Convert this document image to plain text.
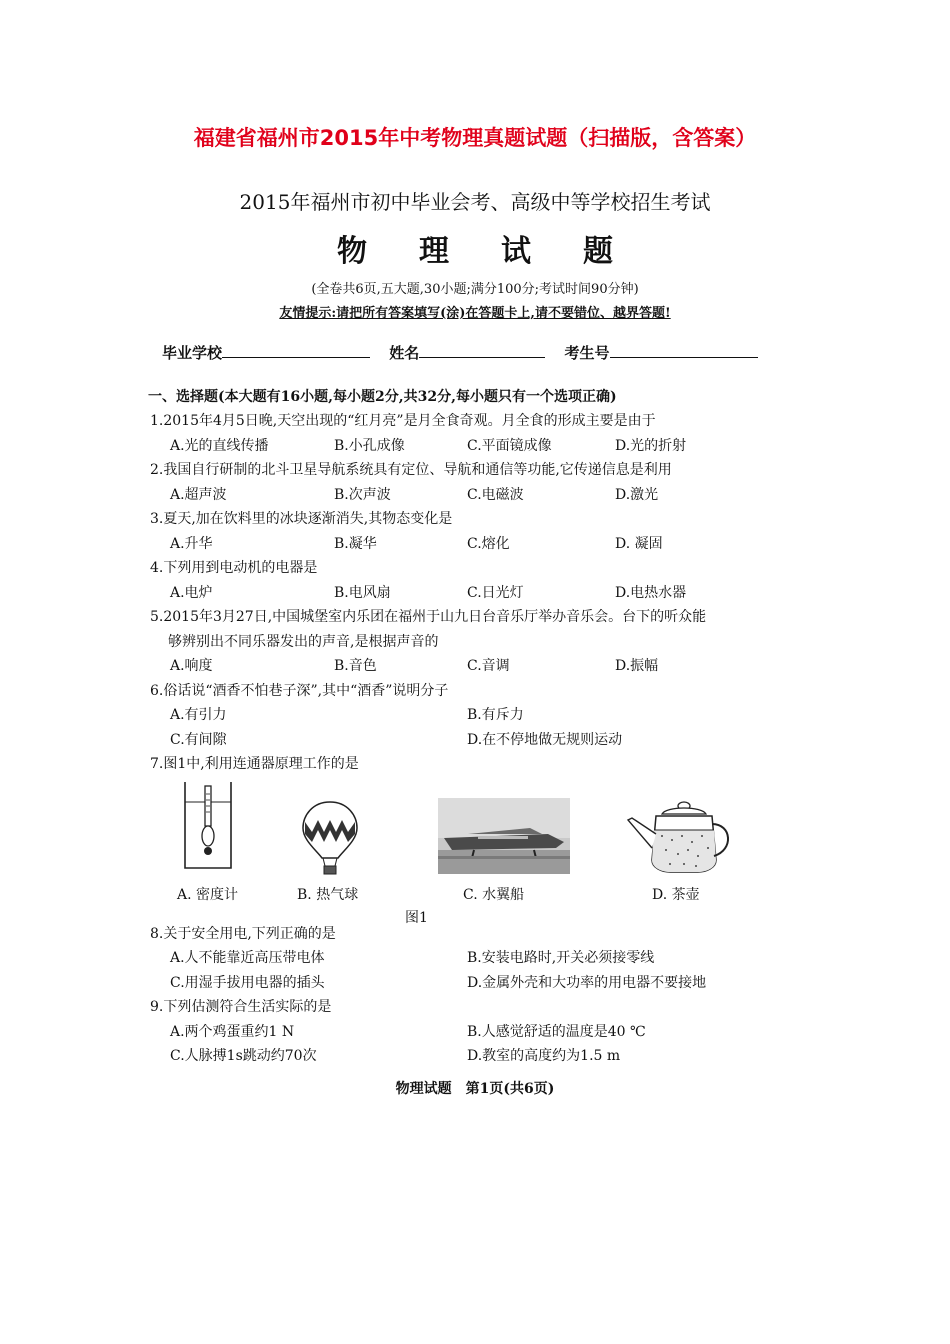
福建省福州市2015年中考物理真题试题（扫描版，含答案）
2015年福州市初中毕业会考、高级中等学校招生考试
物理试题
(全卷共6页,五大题,30小题;满分100分;考试时间90分钟)
友情提示:请把所有答案填写(涂)在答题卡上,请不要错位、越界答题!
毕业学校	姓名	考生号
一、选择题(本大题有16小题,每小题2分,共32分,每小题只有一个选项正确)
1.2015年4月5日晚,天空出现的“红月亮”是月全食奇观。月全食的形成主要是由于
A.光的直线传播	B.小孔成像	C.平面镜成像	D.光的折射
2.我国自行研制的北斗卫星导航系统具有定位、导航和通信等功能,它传递信息是利用
A.超声波	B.次声波	C.电磁波	D.激光
3.夏天,加在饮料里的冰块逐渐消失,其物态变化是
A.升华	B.凝华	C.熔化	D. 凝固
4.下列用到电动机的电器是
A.电炉	B.电风扇	C.日光灯	D.电热水器
5.2015年3月27日,中国城堡室内乐团在福州于山九日台音乐厅举办音乐会。台下的听众能
够辨别出不同乐器发出的声音,是根据声音的
A.响度	B.音色	C.音调	D.振幅
6.俗话说“酒香不怕巷子深”,其中“酒香”说明分子
A.有引力	B.有斥力
C.有间隙	D.在不停地做无规则运动
7.图1中,利用连通器原理工作的是
A. 密度计	B. 热气球	C. 水翼船	D. 茶壶
图1
8.关于安全用电,下列正确的是
A.人不能靠近高压带电体	B.安装电路时,开关必须接零线
C.用湿手拔用电器的插头	D.金属外壳和大功率的用电器不要接地
9.下列估测符合生活实际的是
A.两个鸡蛋重约1 N	B.人感觉舒适的温度是40 ℃
C.人脉搏1s跳动约70次	D.教室的高度约为1.5 m
物理试题　第1页(共6页)
